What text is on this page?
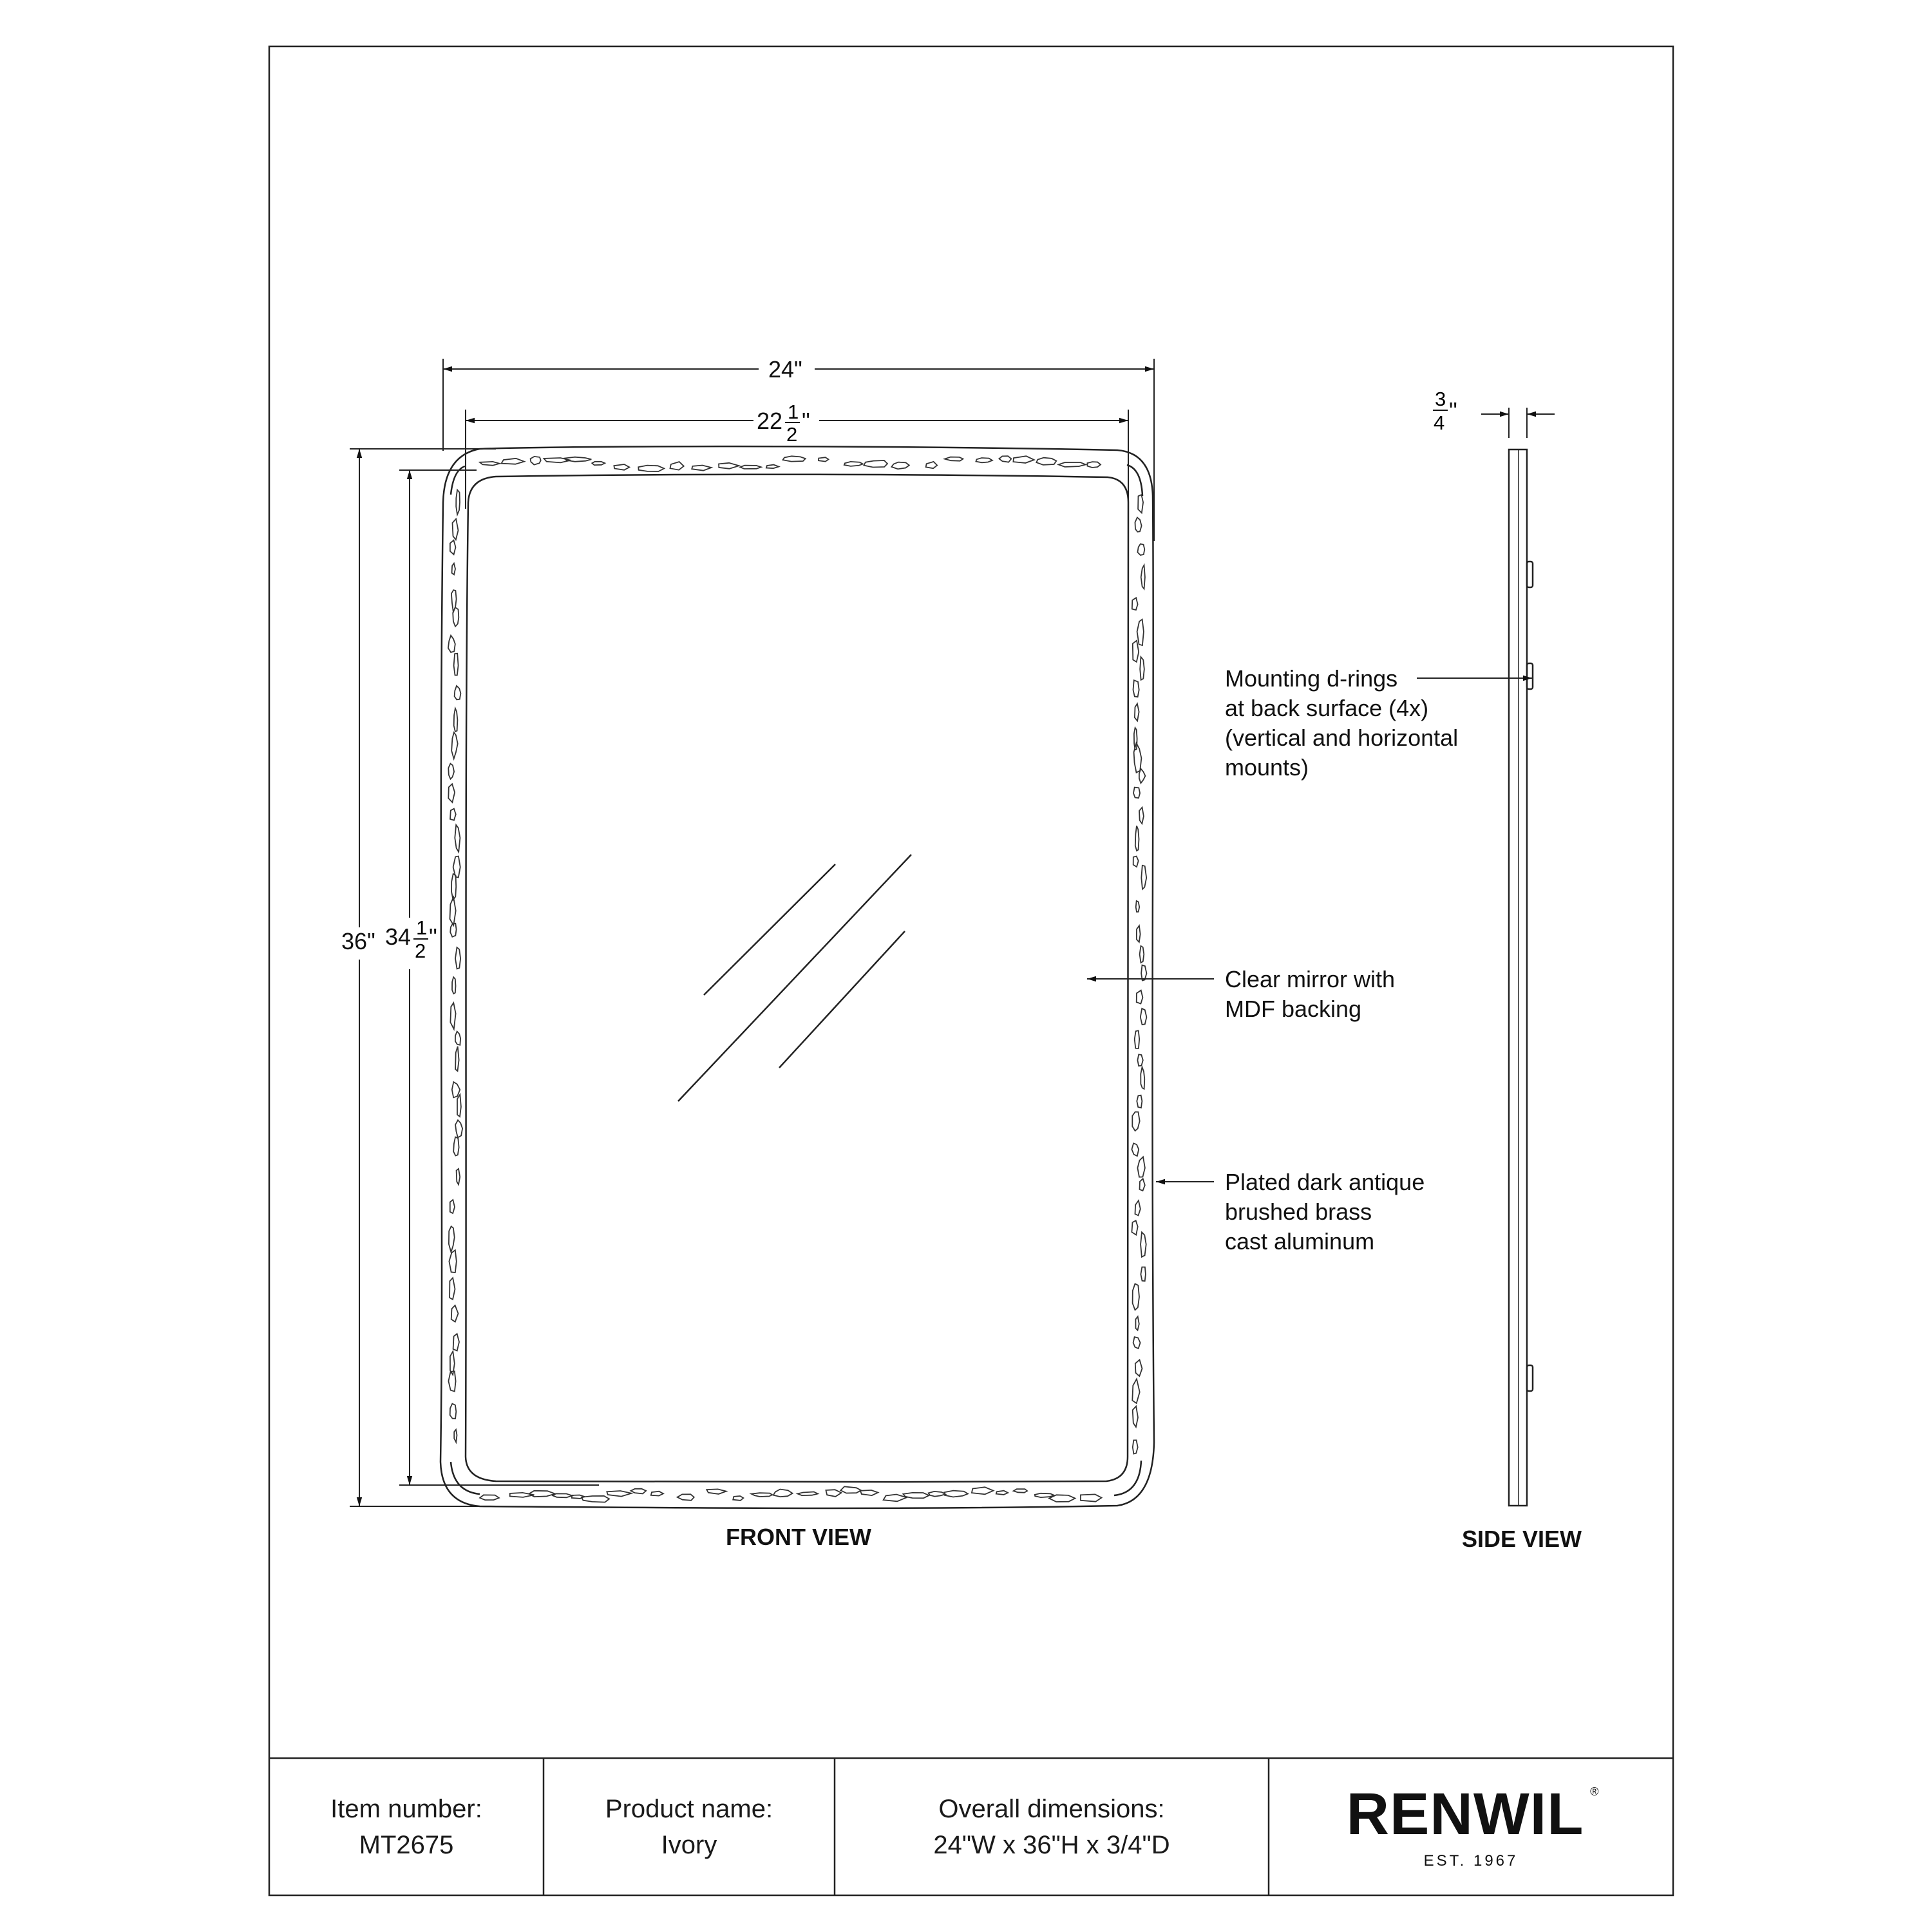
24"
22 1
2
"
36" 34 1
2
"
FRONT VIEW
3
4 "
SIDE VIEW
Mounting d-rings
at back surface (4x)
(vertical and horizontal
mounts)
Clear mirror with
MDF backing
Plated dark antique
brushed brass
cast aluminum
Item number:
MT2675
Product name:
Ivory
Overall dimensions:
24"W x 36"H x 3/4"D	RENWIL ®
EST. 1967
